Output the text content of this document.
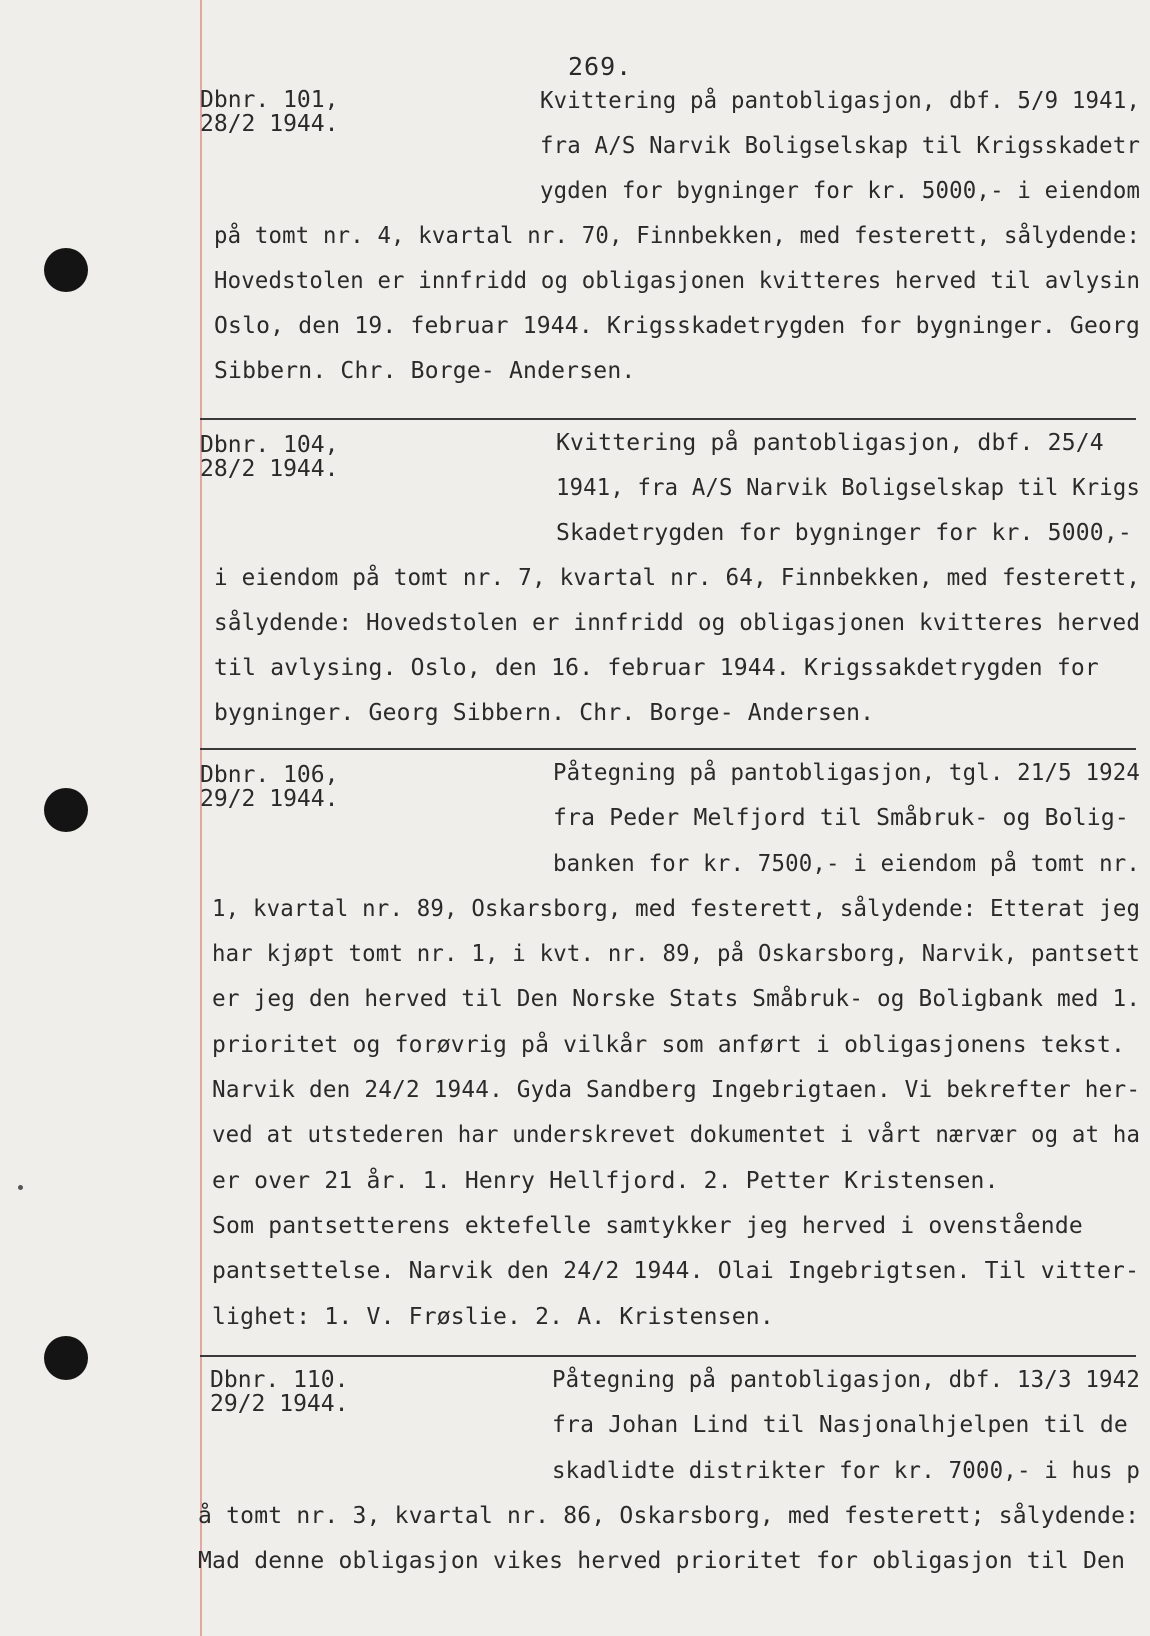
269.
Dbnr. 101,
28/2 1944.
Kvittering på pantobligasjon, dbf. 5/9 1941,
fra A/S Narvik Boligselskap til Krigsskadetr
ygden for bygninger for kr. 5000,- i eiendom
på tomt nr. 4, kvartal nr. 70, Finnbekken, med festerett, sålydende:
Hovedstolen er innfridd og obligasjonen kvitteres herved til avlysin
Oslo, den 19. februar 1944. Krigsskadetrygden for bygninger. Georg
Sibbern. Chr. Borge- Andersen.
Dbnr. 104,
28/2 1944.
Kvittering på pantobligasjon, dbf. 25/4
1941, fra A/S Narvik Boligselskap til Krigs
Skadetrygden for bygninger for kr. 5000,-
i eiendom på tomt nr. 7, kvartal nr. 64, Finnbekken, med festerett,
sålydende: Hovedstolen er innfridd og obligasjonen kvitteres herved
til avlysing. Oslo, den 16. februar 1944. Krigssakdetrygden for
bygninger. Georg Sibbern. Chr. Borge- Andersen.
Dbnr. 106,
29/2 1944.
Påtegning på pantobligasjon, tgl. 21/5 1924
fra Peder Melfjord til Småbruk- og Bolig-
banken for kr. 7500,- i eiendom på tomt nr.
1, kvartal nr. 89, Oskarsborg, med festerett, sålydende: Etterat jeg
har kjøpt tomt nr. 1, i kvt. nr. 89, på Oskarsborg, Narvik, pantsett
er jeg den herved til Den Norske Stats Småbruk- og Boligbank med 1.
prioritet og forøvrig på vilkår som anført i obligasjonens tekst.
Narvik den 24/2 1944. Gyda Sandberg Ingebrigtaen. Vi bekrefter her-
ved at utstederen har underskrevet dokumentet i vårt nærvær og at ha
er over 21 år. 1. Henry Hellfjord. 2. Petter Kristensen.
Som pantsetterens ektefelle samtykker jeg herved i ovenstående
pantsettelse. Narvik den 24/2 1944. Olai Ingebrigtsen. Til vitter-
lighet: 1. V. Frøslie. 2. A. Kristensen.
Dbnr. 110.
29/2 1944.
Påtegning på pantobligasjon, dbf. 13/3 1942
fra Johan Lind til Nasjonalhjelpen til de
skadlidte distrikter for kr. 7000,- i hus p
å tomt nr. 3, kvartal nr. 86, Oskarsborg, med festerett; sålydende:
Mad denne obligasjon vikes herved prioritet for obligasjon til Den
